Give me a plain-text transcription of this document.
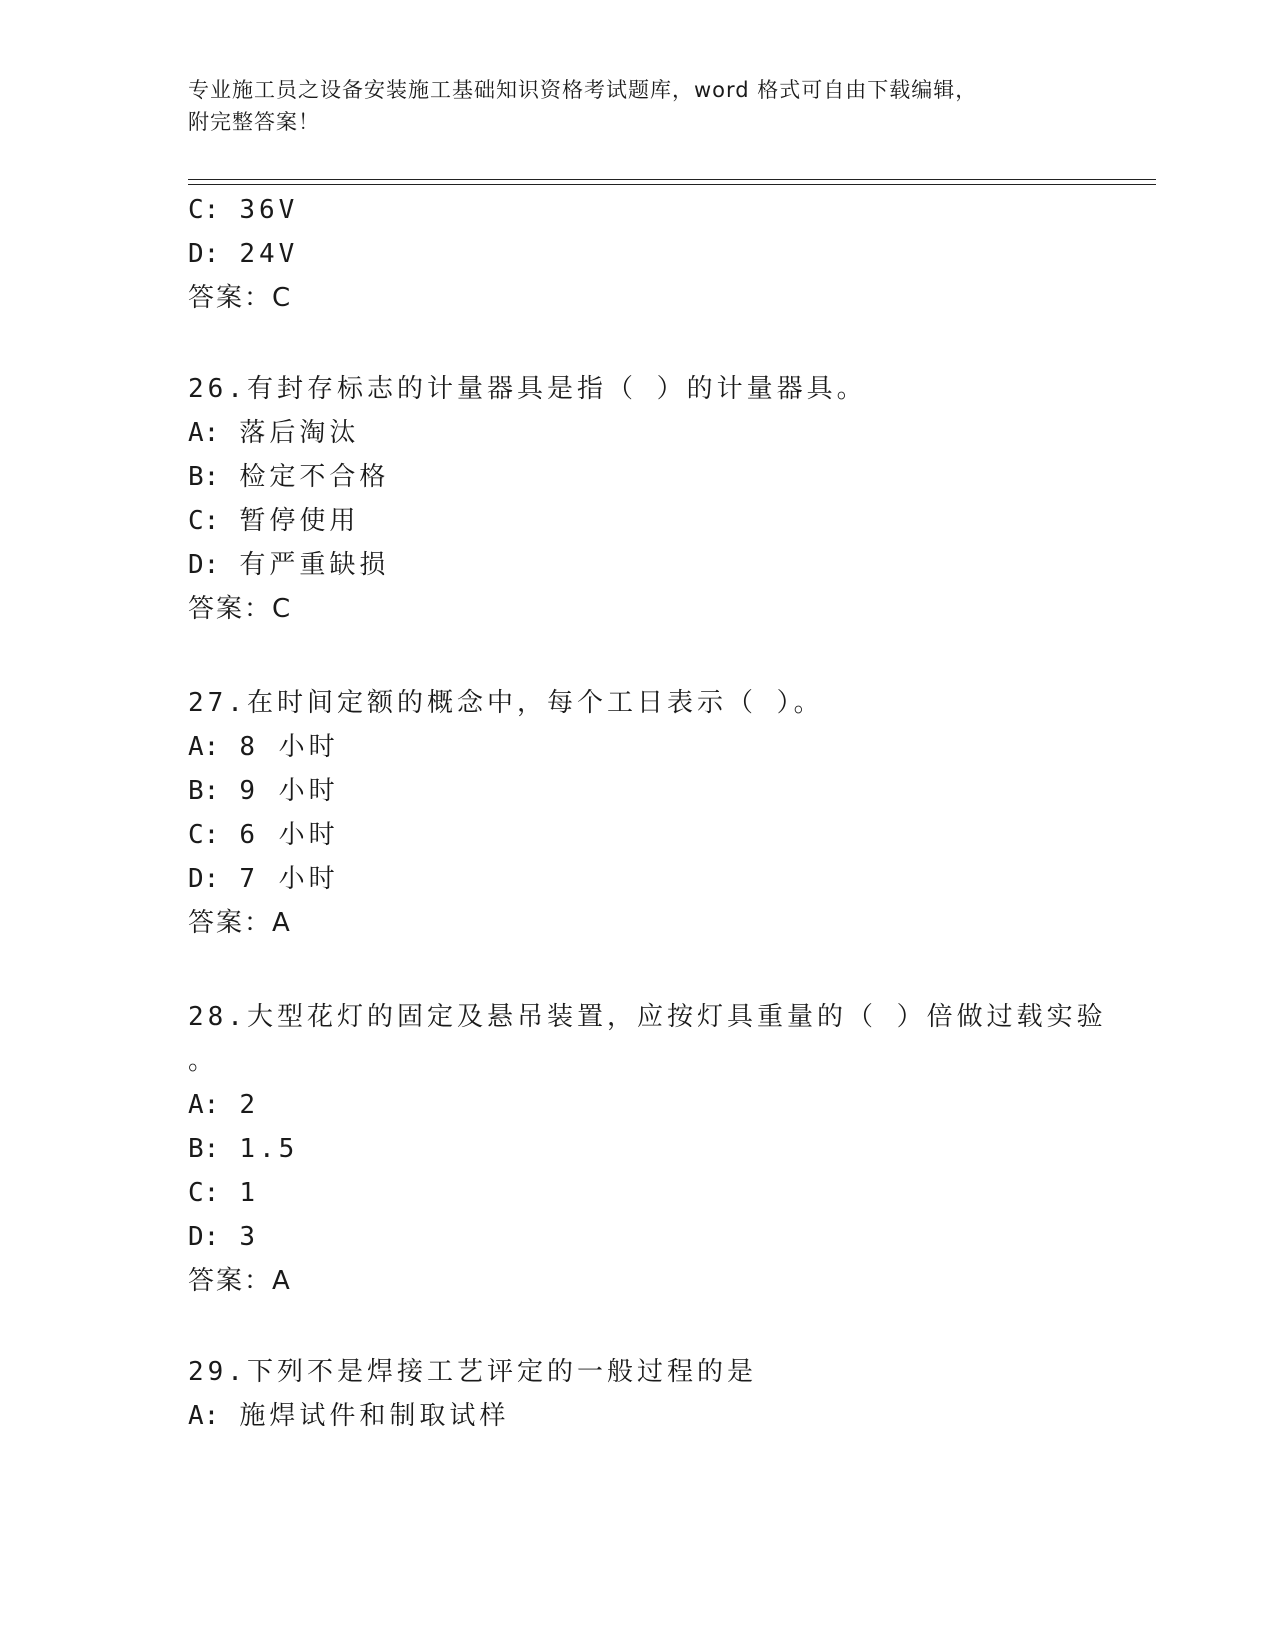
专业施工员之设备安装施工基础知识资格考试题库，word 格式可自由下载编辑，
附完整答案！
C: 36V
D: 24V
答案：C
26.有封存标志的计量器具是指（ ）的计量器具。
A: 落后淘汰
B: 检定不合格
C: 暂停使用
D: 有严重缺损
答案：C
27.在时间定额的概念中，每个工日表示（ ）。
A: 8 小时
B: 9 小时
C: 6 小时
D: 7 小时
答案：A
28.大型花灯的固定及悬吊装置，应按灯具重量的（ ）倍做过载实验
。
A: 2
B: 1.5
C: 1
D: 3
答案：A
29.下列不是焊接工艺评定的一般过程的是
A: 施焊试件和制取试样
